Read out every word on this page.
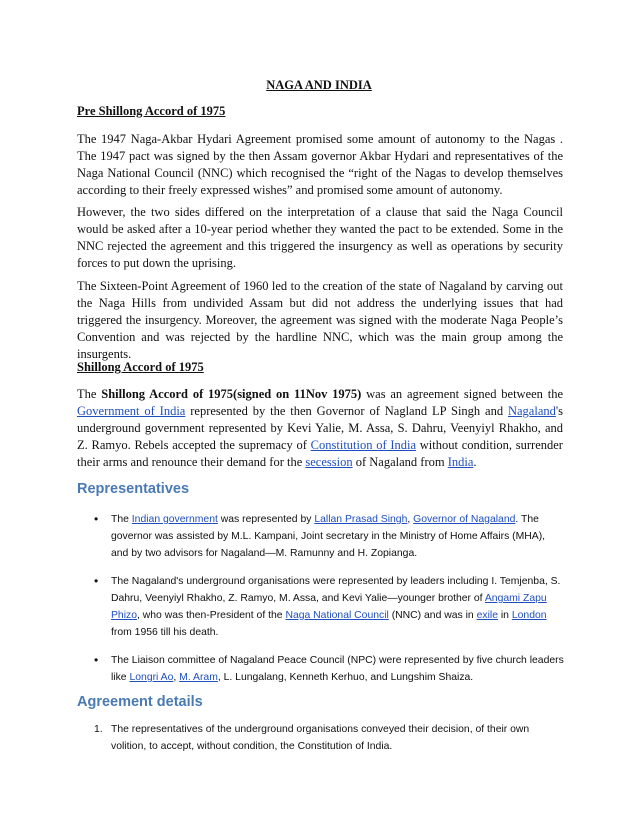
NAGA AND INDIA
Pre Shillong Accord of 1975
The 1947 Naga-Akbar Hydari Agreement promised some amount of autonomy to the Nagas . The 1947 pact was signed by the then Assam governor Akbar Hydari and representatives of the Naga National Council (NNC) which recognised the “right of the Nagas to develop themselves according to their freely expressed wishes” and promised some amount of autonomy.
However, the two sides differed on the interpretation of a clause that said the Naga Council would be asked after a 10-year period whether they wanted the pact to be extended. Some in the NNC rejected the agreement and this triggered the insurgency as well as operations by security forces to put down the uprising.
The Sixteen-Point Agreement of 1960 led to the creation of the state of Nagaland by carving out the Naga Hills from undivided Assam but did not address the underlying issues that had triggered the insurgency. Moreover, the agreement was signed with the moderate Naga People’s Convention and was rejected by the hardline NNC, which was the main group among the insurgents.
Shillong Accord of 1975
The Shillong Accord of 1975(signed on 11Nov 1975) was an agreement signed between the Government of India represented by the then Governor of Nagland LP Singh and Nagaland's underground government represented by Kevi Yalie, M. Assa, S. Dahru, Veenyiyl Rhakho, and Z. Ramyo. Rebels accepted the supremacy of Constitution of India without condition, surrender their arms and renounce their demand for the secession of Nagaland from India.
Representatives
• The Indian government was represented by Lallan Prasad Singh, Governor of Nagaland. The governor was assisted by M.L. Kampani, Joint secretary in the Ministry of Home Affairs (MHA), and by two advisors for Nagaland—M. Ramunny and H. Zopianga.
• The Nagaland's underground organisations were represented by leaders including I. Temjenba, S. Dahru, Veenyiyl Rhakho, Z. Ramyo, M. Assa, and Kevi Yalie—younger brother of Angami Zapu Phizo, who was then-President of the Naga National Council (NNC) and was in exile in London from 1956 till his death.
• The Liaison committee of Nagaland Peace Council (NPC) were represented by five church leaders like Longri Ao, M. Aram, L. Lungalang, Kenneth Kerhuo, and Lungshim Shaiza.
Agreement details
1. The representatives of the underground organisations conveyed their decision, of their own volition, to accept, without condition, the Constitution of India.
